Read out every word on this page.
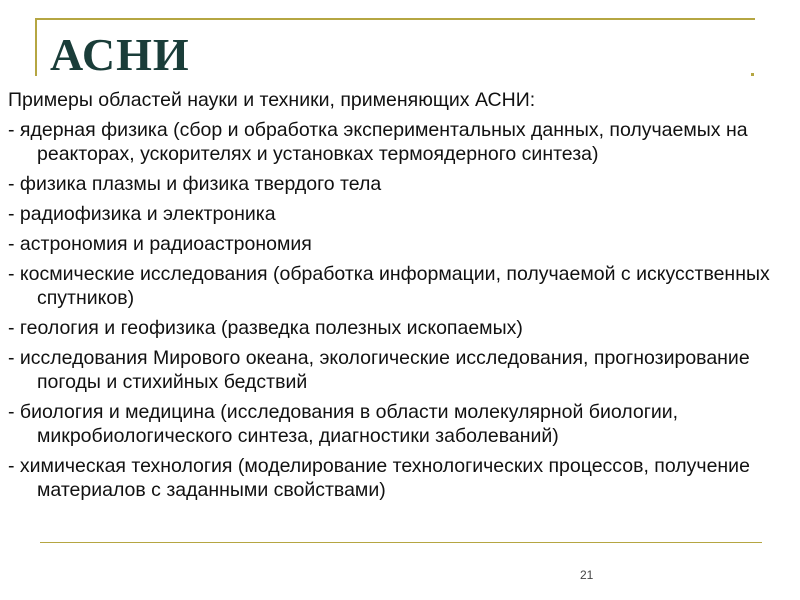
АСНИ

Примеры областей науки и техники, применяющих АСНИ:

- ядерная физика (сбор и обработка экспериментальных данных, получаемых на реакторах, ускорителях и установках термоядерного синтеза)
- физика плазмы и физика твердого тела
- радиофизика и электроника
- астрономия и радиоастрономия
- космические исследования (обработка информации, получаемой с искусственных спутников)
- геология и геофизика (разведка полезных ископаемых)
- исследования Мирового океана, экологические исследования, прогнозирование погоды и стихийных бедствий
- биология и медицина (исследования в области молекулярной биологии, микробиологического синтеза, диагностики заболеваний)
- химическая технология (моделирование технологических процессов, получение материалов с заданными свойствами)
21
